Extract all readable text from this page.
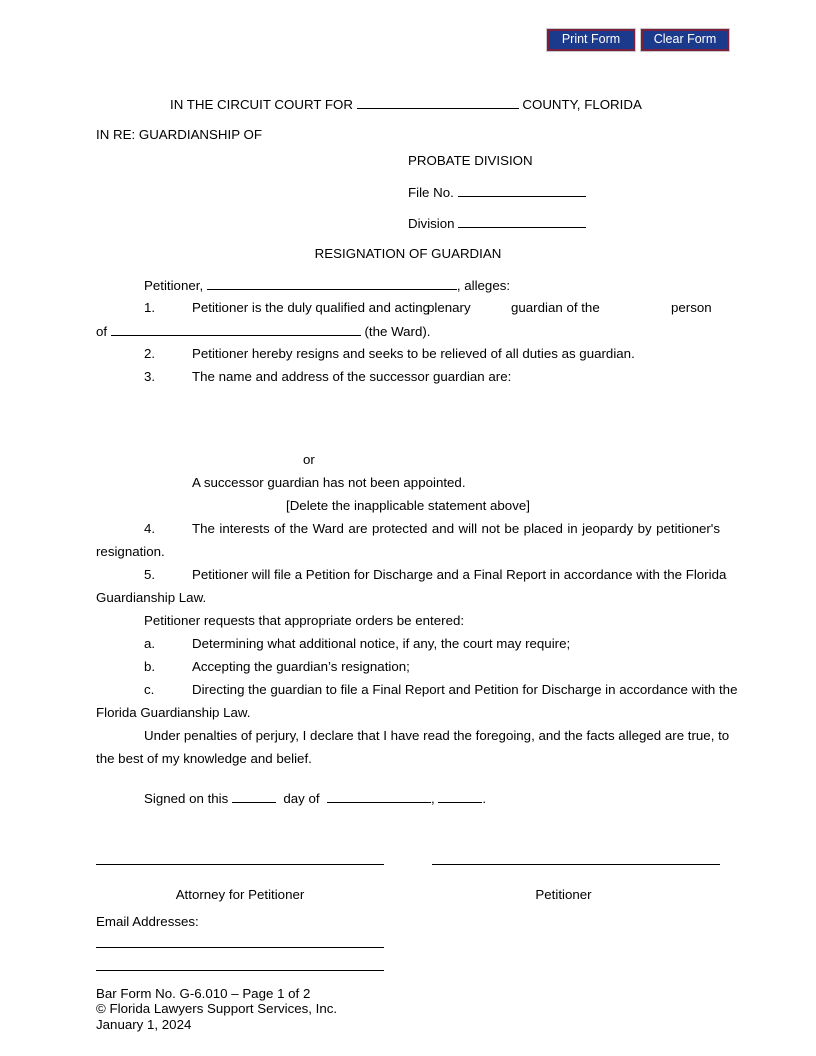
Print Form	Clear Form
IN THE CIRCUIT COURT FOR	COUNTY, FLORIDA
IN RE: GUARDIANSHIP OF
PROBATE DIVISION
File No.
Division
RESIGNATION OF GUARDIAN
Petitioner,	, alleges:
1.	Petitioner is the duly qualified and acting
plenary	guardian of the	person
of	(the Ward).
2.	Petitioner hereby resigns and seeks to be relieved of all duties as guardian.
3.	The name and address of the successor guardian are:
or
A successor guardian has not been appointed.
[Delete the inapplicable statement above]
4.	The interests of the Ward are protected and will not be placed in jeopardy by petitioner's
resignation.
5.	Petitioner will file a Petition for Discharge and a Final Report in accordance with the Florida
Guardianship Law.
Petitioner requests that appropriate orders be entered:
a.	Determining what additional notice, if any, the court may require;
b.	Accepting the guardian’s resignation;
c.	Directing the guardian to file a Final Report and Petition for Discharge in accordance with the
Florida Guardianship Law.
Under penalties of perjury, I declare that I have read the foregoing, and the facts alleged are true, to
the best of my knowledge and belief.
Signed on this	day of	,	.
Attorney for Petitioner	Petitioner
Email Addresses:
Bar Form No. G-6.010 – Page 1 of 2
© Florida Lawyers Support Services, Inc.
January 1, 2024
